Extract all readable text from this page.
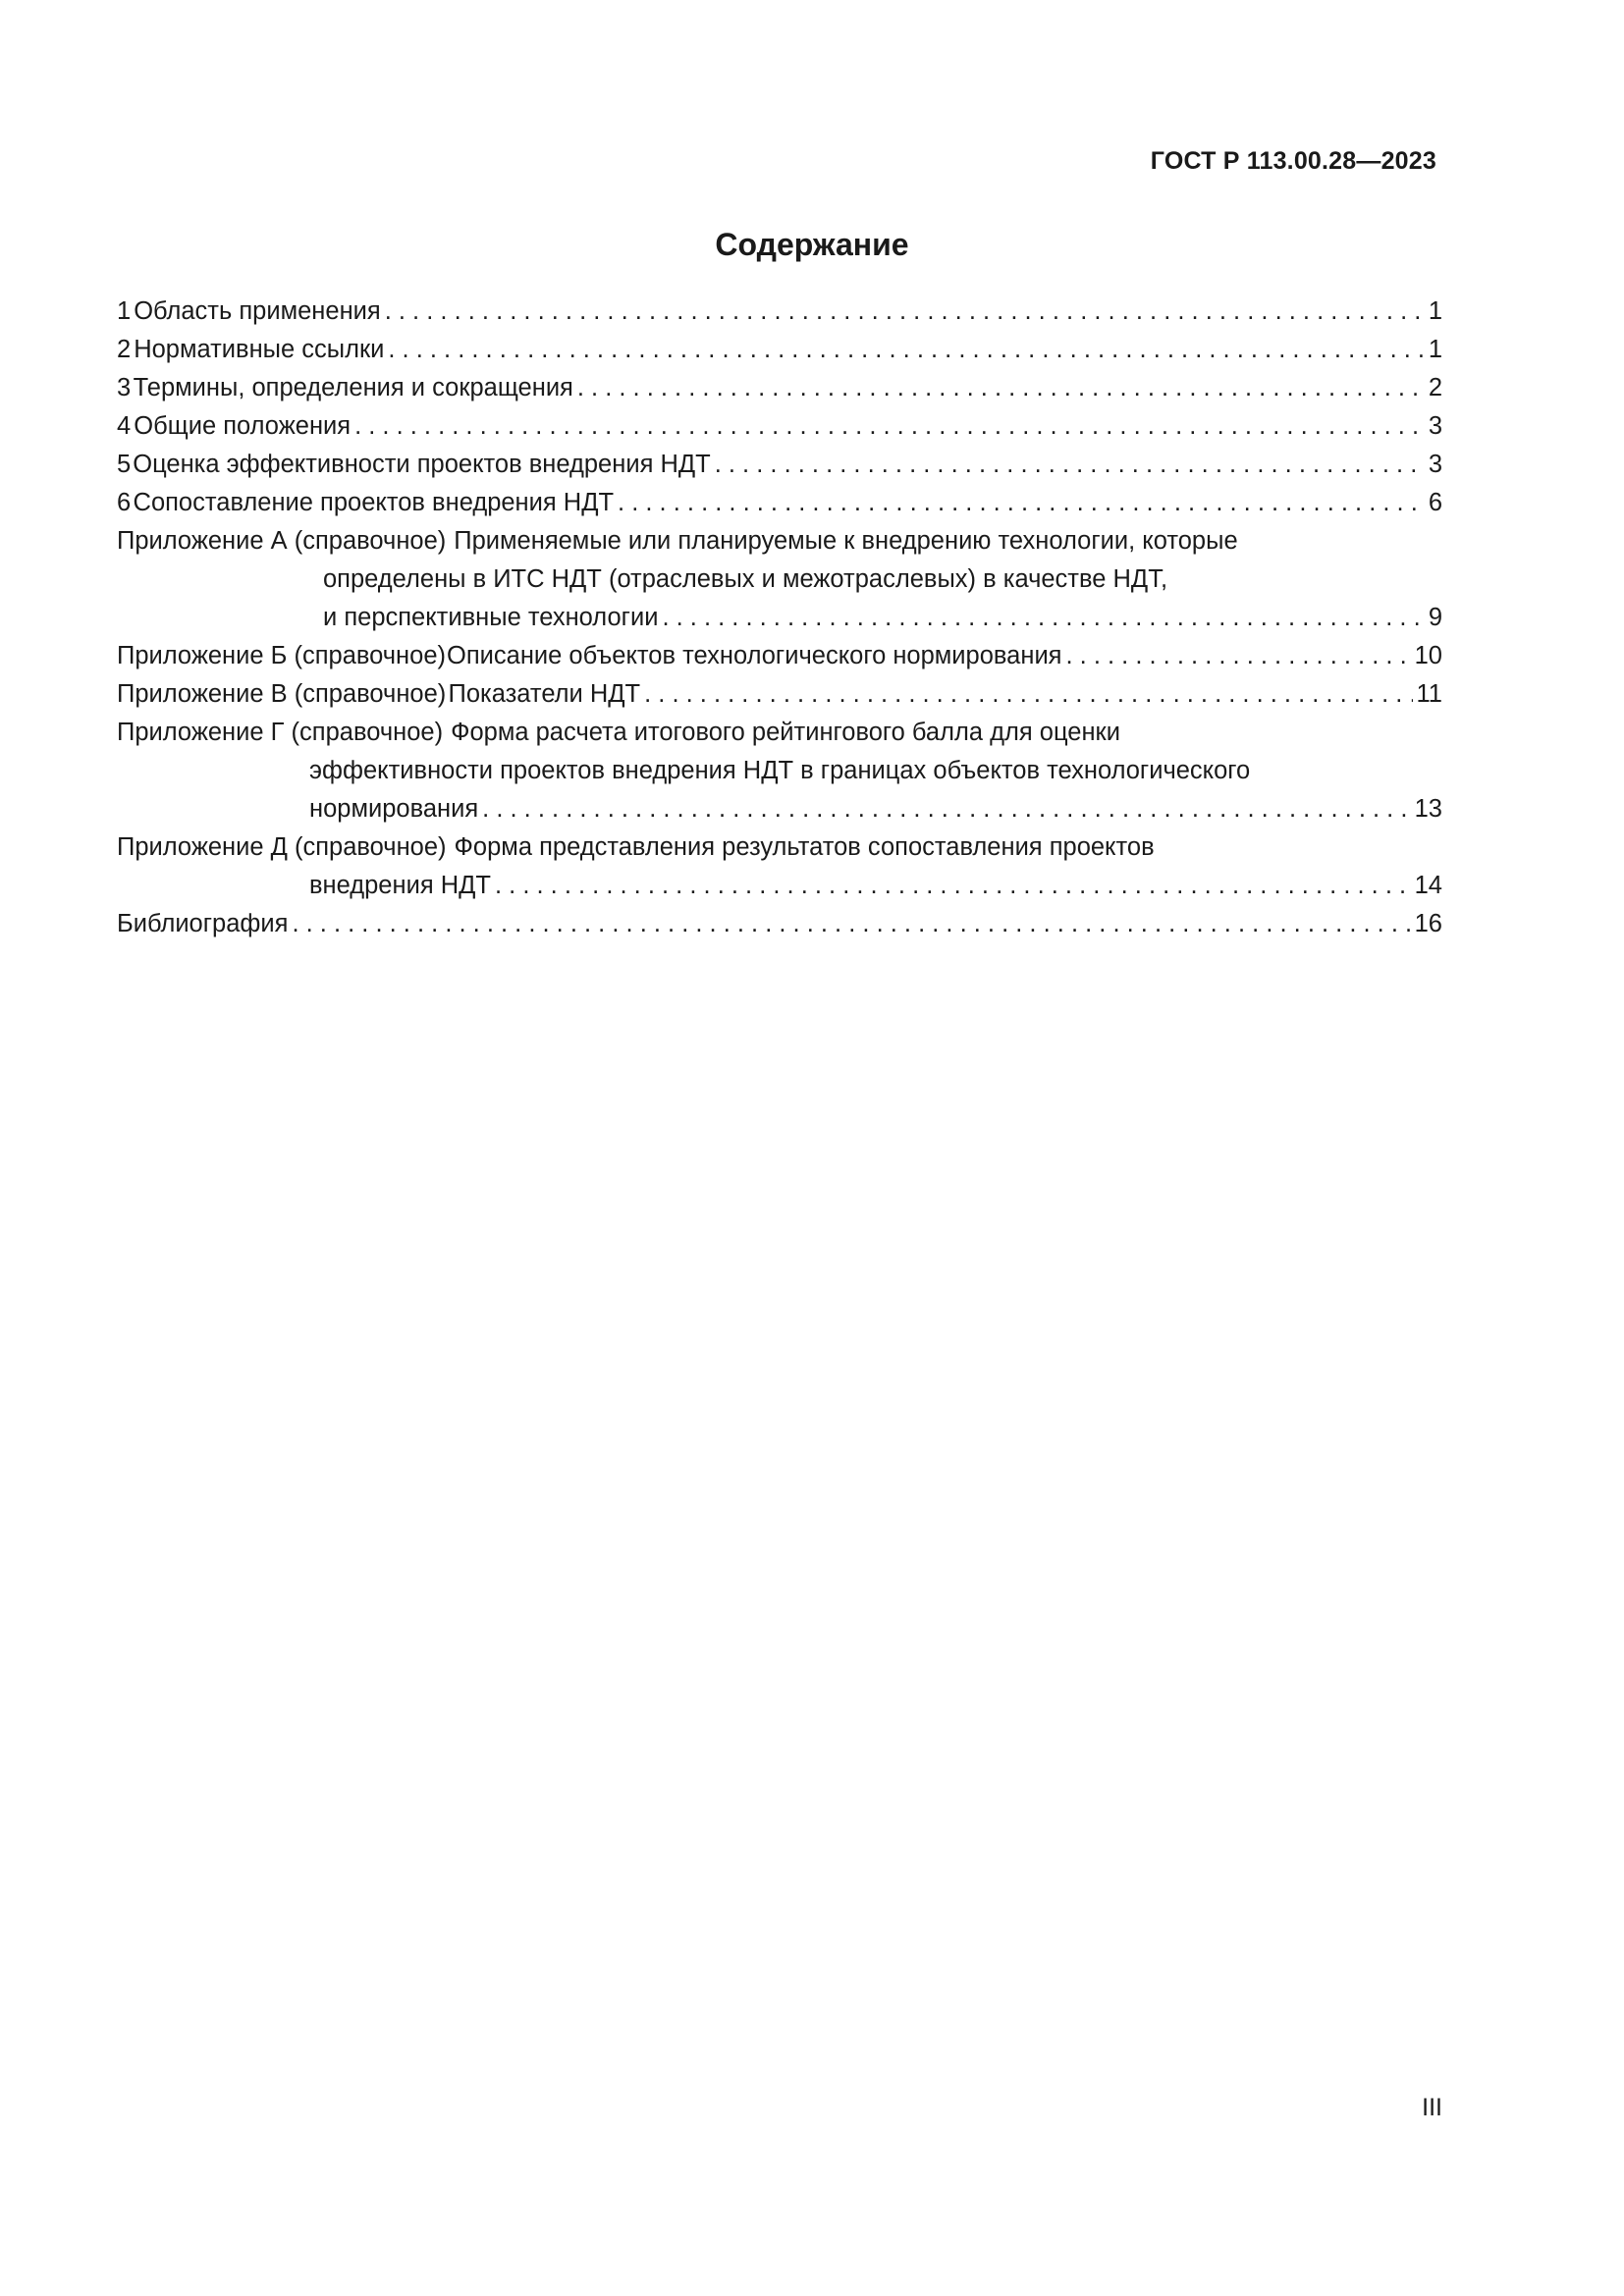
ГОСТ Р 113.00.28—2023
Содержание
1 Область применения . . .	1
2 Нормативные ссылки . . .	1
3 Термины, определения и сокращения . . .	2
4 Общие положения . . .	3
5 Оценка эффективности проектов внедрения НДТ . . .	3
6 Сопоставление проектов внедрения НДТ . . .	6
Приложение А (справочное) Применяемые или планируемые к внедрению технологии, которые
определены в ИТС НДТ (отраслевых и межотраслевых) в качестве НДТ,
и перспективные технологии . . .	9
Приложение Б (справочное) Описание объектов технологического нормирования . . .	10
Приложение В (справочное) Показатели НДТ . . .	11
Приложение Г (справочное) Форма расчета итогового рейтингового балла для оценки
эффективности проектов внедрения НДТ в границах объектов технологического
нормирования . . .	13
Приложение Д (справочное) Форма представления результатов сопоставления проектов
внедрения НДТ . . .	14
Библиография . . .	16
III
